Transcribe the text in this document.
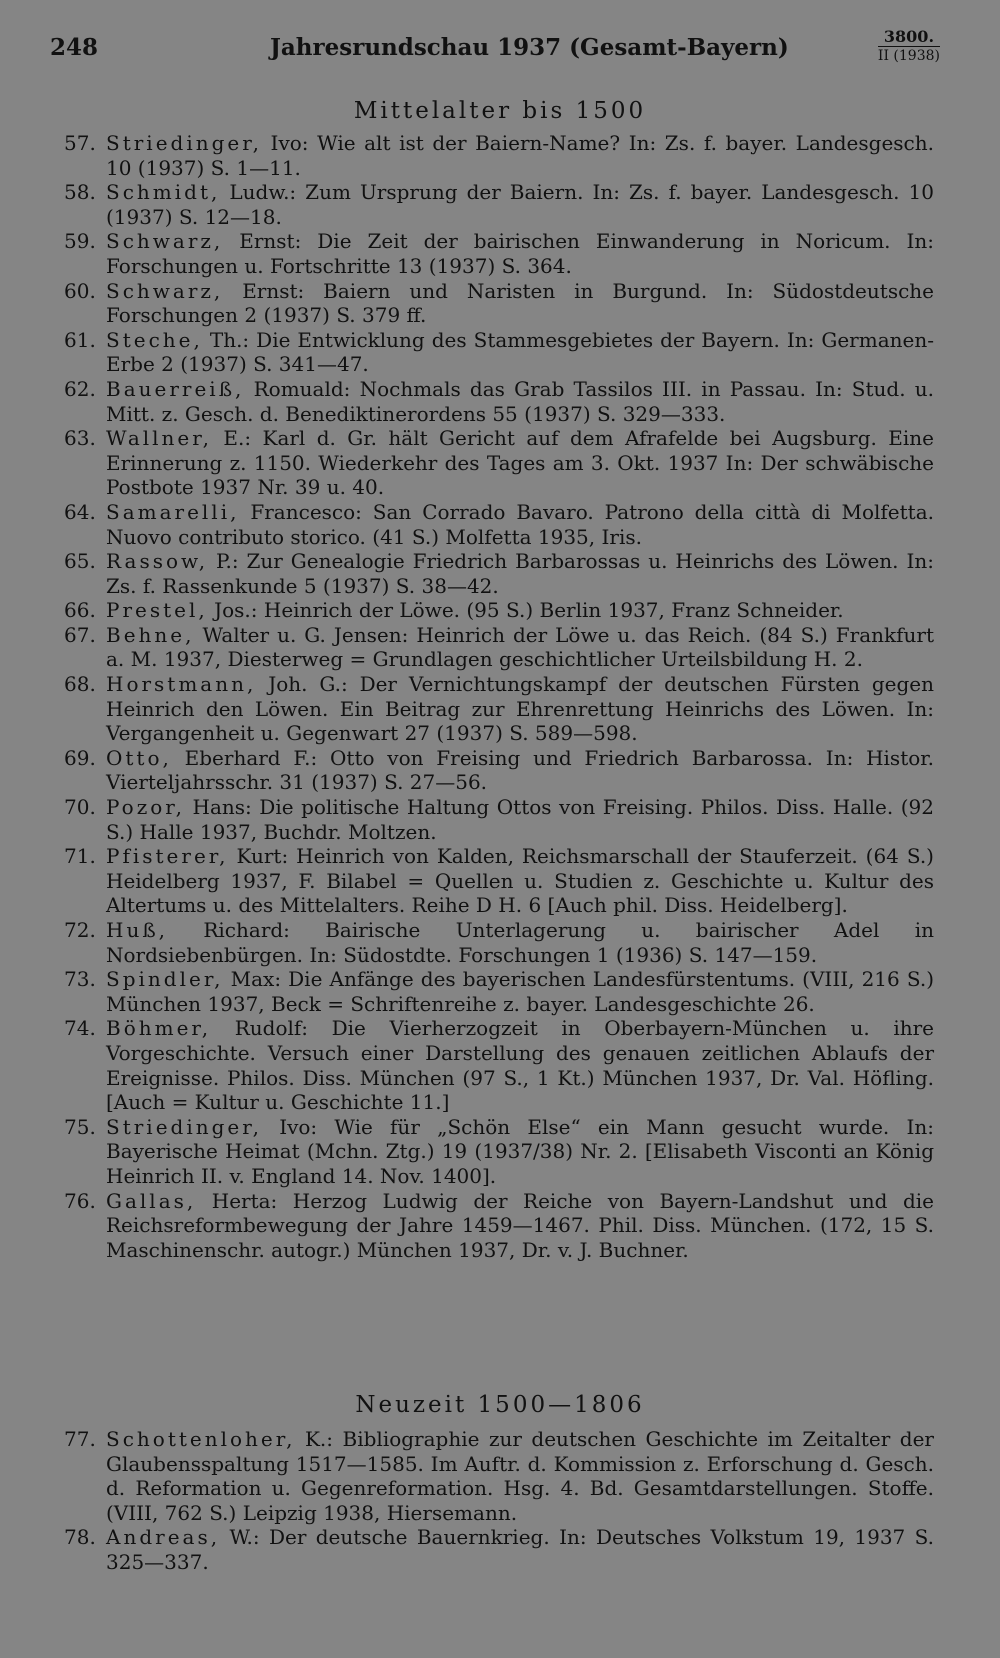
248	Jahresrundschau 1937 (Gesamt-Bayern)	3800.
II (1938)
Mittelalter bis 1500
57. Striedinger, Ivo: Wie alt ist der Baiern-Name? In: Zs. f. bayer. Landesgesch. 10 (1937) S. 1—11.
58. Schmidt, Ludw.: Zum Ursprung der Baiern. In: Zs. f. bayer. Landesgesch. 10 (1937) S. 12—18.
59. Schwarz, Ernst: Die Zeit der bairischen Einwanderung in Noricum. In: Forschungen u. Fortschritte 13 (1937) S. 364.
60. Schwarz, Ernst: Baiern und Naristen in Burgund. In: Südostdeutsche Forschungen 2 (1937) S. 379 ff.
61. Steche, Th.: Die Entwicklung des Stammesgebietes der Bayern. In: Germanen-Erbe 2 (1937) S. 341—47.
62. Bauerreiß, Romuald: Nochmals das Grab Tassilos III. in Passau. In: Stud. u. Mitt. z. Gesch. d. Benediktinerordens 55 (1937) S. 329—333.
63. Wallner, E.: Karl d. Gr. hält Gericht auf dem Afrafelde bei Augsburg. Eine Erinnerung z. 1150. Wiederkehr des Tages am 3. Okt. 1937 In: Der schwäbische Postbote 1937 Nr. 39 u. 40.
64. Samarelli, Francesco: San Corrado Bavaro. Patrono della città di Molfetta. Nuovo contributo storico. (41 S.) Molfetta 1935, Iris.
65. Rassow, P.: Zur Genealogie Friedrich Barbarossas u. Heinrichs des Löwen. In: Zs. f. Rassenkunde 5 (1937) S. 38—42.
66. Prestel, Jos.: Heinrich der Löwe. (95 S.) Berlin 1937, Franz Schneider.
67. Behne, Walter u. G. Jensen: Heinrich der Löwe u. das Reich. (84 S.) Frankfurt a. M. 1937, Diesterweg = Grundlagen geschichtlicher Urteilsbildung H. 2.
68. Horstmann, Joh. G.: Der Vernichtungskampf der deutschen Fürsten gegen Heinrich den Löwen. Ein Beitrag zur Ehrenrettung Heinrichs des Löwen. In: Vergangenheit u. Gegenwart 27 (1937) S. 589—598.
69. Otto, Eberhard F.: Otto von Freising und Friedrich Barbarossa. In: Histor. Vierteljahrsschr. 31 (1937) S. 27—56.
70. Pozor, Hans: Die politische Haltung Ottos von Freising. Philos. Diss. Halle. (92 S.) Halle 1937, Buchdr. Moltzen.
71. Pfisterer, Kurt: Heinrich von Kalden, Reichsmarschall der Stauferzeit. (64 S.) Heidelberg 1937, F. Bilabel = Quellen u. Studien z. Geschichte u. Kultur des Altertums u. des Mittelalters. Reihe D H. 6 [Auch phil. Diss. Heidelberg].
72. Huß, Richard: Bairische Unterlagerung u. bairischer Adel in Nordsiebenbürgen. In: Südostdte. Forschungen 1 (1936) S. 147—159.
73. Spindler, Max: Die Anfänge des bayerischen Landesfürstentums. (VIII, 216 S.) München 1937, Beck = Schriftenreihe z. bayer. Landesgeschichte 26.
74. Böhmer, Rudolf: Die Vierherzogzeit in Oberbayern-München u. ihre Vorgeschichte. Versuch einer Darstellung des genauen zeitlichen Ablaufs der Ereignisse. Philos. Diss. München (97 S., 1 Kt.) München 1937, Dr. Val. Höfling. [Auch = Kultur u. Geschichte 11.]
75. Striedinger, Ivo: Wie für „Schön Else“ ein Mann gesucht wurde. In: Bayerische Heimat (Mchn. Ztg.) 19 (1937/38) Nr. 2. [Elisabeth Visconti an König Heinrich II. v. England 14. Nov. 1400].
76. Gallas, Herta: Herzog Ludwig der Reiche von Bayern-Landshut und die Reichsreformbewegung der Jahre 1459—1467. Phil. Diss. München. (172, 15 S. Maschinenschr. autogr.) München 1937, Dr. v. J. Buchner.
Neuzeit 1500—1806
77. Schottenloher, K.: Bibliographie zur deutschen Geschichte im Zeitalter der Glaubensspaltung 1517—1585. Im Auftr. d. Kommission z. Erforschung d. Gesch. d. Reformation u. Gegenreformation. Hsg. 4. Bd. Gesamtdarstellungen. Stoffe. (VIII, 762 S.) Leipzig 1938, Hiersemann.
78. Andreas, W.: Der deutsche Bauernkrieg. In: Deutsches Volkstum 19, 1937 S. 325—337.
